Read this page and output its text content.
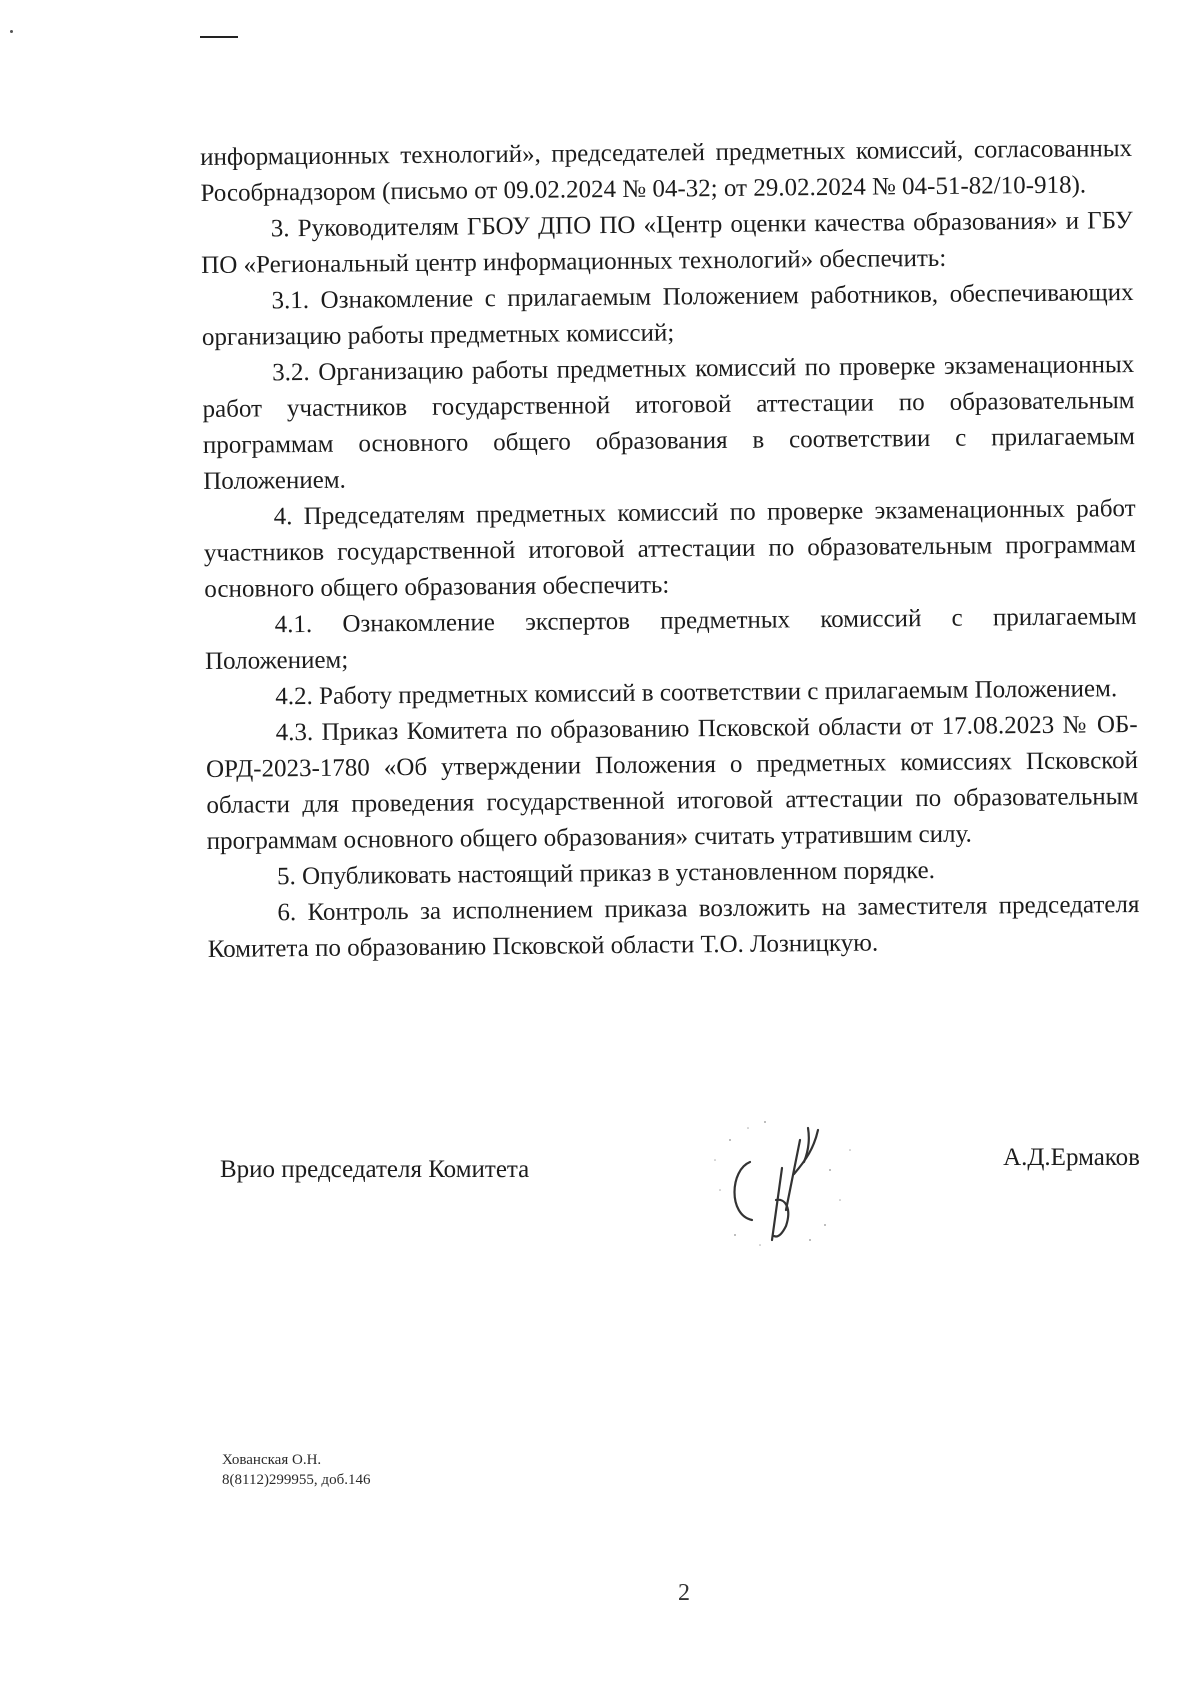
информационных технологий», председателей предметных комиссий, согласованных Рособрнадзором (письмо от 09.02.2024 № 04-32; от 29.02.2024 № 04-51-82/10-918).

3. Руководителям ГБОУ ДПО ПО «Центр оценки качества образования» и ГБУ ПО «Региональный центр информационных технологий» обеспечить:

3.1. Ознакомление с прилагаемым Положением работников, обеспечивающих организацию работы предметных комиссий;

3.2. Организацию работы предметных комиссий по проверке экзаменационных работ участников государственной итоговой аттестации по образовательным программам основного общего образования в соответствии с прилагаемым Положением.

4. Председателям предметных комиссий по проверке экзаменационных работ участников государственной итоговой аттестации по образовательным программам основного общего образования обеспечить:

4.1. Ознакомление экспертов предметных комиссий с прилагаемым Положением;

4.2. Работу предметных комиссий в соответствии с прилагаемым Положением.

4.3. Приказ Комитета по образованию Псковской области от 17.08.2023 № ОБ-ОРД-2023-1780 «Об утверждении Положения о предметных комиссиях Псковской области для проведения государственной итоговой аттестации по образовательным программам основного общего образования» считать утратившим силу.

5. Опубликовать настоящий приказ в установленном порядке.

6. Контроль за исполнением приказа возложить на заместителя председателя Комитета по образованию Псковской области Т.О. Лозницкую.

Врио председателя Комитета	А.Д.Ермаков
Хованская О.Н.
8(8112)299955, доб.146
2
